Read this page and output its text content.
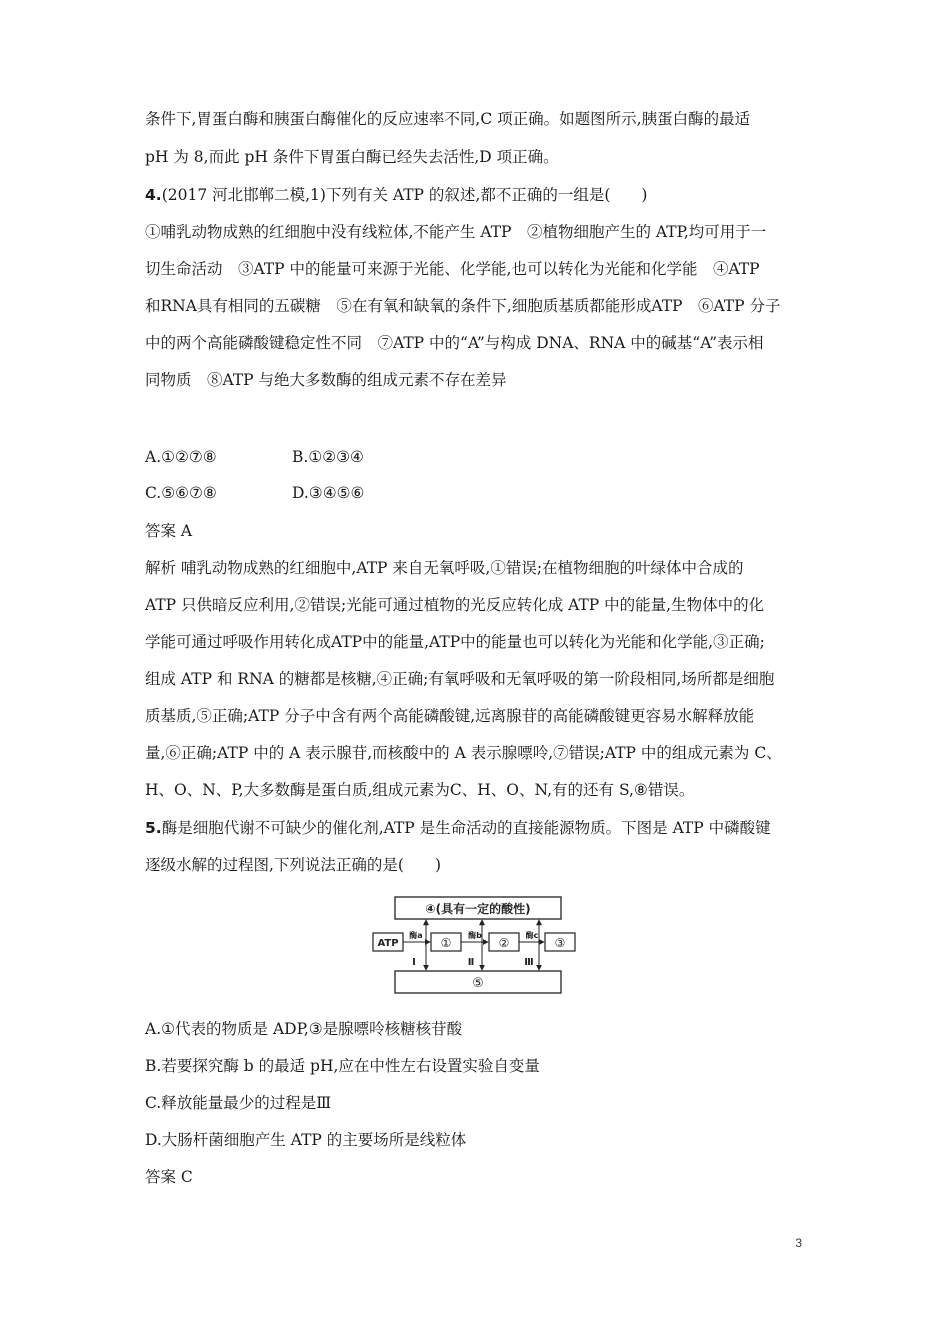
条件下,胃蛋白酶和胰蛋白酶催化的反应速率不同,C 项正确。如题图所示,胰蛋白酶的最适
pH 为 8,而此 pH 条件下胃蛋白酶已经失去活性,D 项正确。
4.(2017 河北邯郸二模,1)下列有关 ATP 的叙述,都不正确的一组是(　　)
①哺乳动物成熟的红细胞中没有线粒体,不能产生 ATP　②植物细胞产生的 ATP,均可用于一
切生命活动　③ATP 中的能量可来源于光能、化学能,也可以转化为光能和化学能　④ATP
和RNA具有相同的五碳糖　⑤在有氧和缺氧的条件下,细胞质基质都能形成ATP　⑥ATP 分子
中的两个高能磷酸键稳定性不同　⑦ATP 中的“A”与构成 DNA、RNA 中的碱基“A”表示相
同物质　⑧ATP 与绝大多数酶的组成元素不存在差异
A.①②⑦⑧	B.①②③④
C.⑤⑥⑦⑧	D.③④⑤⑥
答案 A
解析 哺乳动物成熟的红细胞中,ATP 来自无氧呼吸,①错误;在植物细胞的叶绿体中合成的
ATP 只供暗反应利用,②错误;光能可通过植物的光反应转化成 ATP 中的能量,生物体中的化
学能可通过呼吸作用转化成ATP中的能量,ATP中的能量也可以转化为光能和化学能,③正确;
组成 ATP 和 RNA 的糖都是核糖,④正确;有氧呼吸和无氧呼吸的第一阶段相同,场所都是细胞
质基质,⑤正确;ATP 分子中含有两个高能磷酸键,远离腺苷的高能磷酸键更容易水解释放能
量,⑥正确;ATP 中的 A 表示腺苷,而核酸中的 A 表示腺嘌呤,⑦错误;ATP 中的组成元素为 C、
H、O、N、P,大多数酶是蛋白质,组成元素为C、H、O、N,有的还有 S,⑧错误。
5.酶是细胞代谢不可缺少的催化剂,ATP 是生命活动的直接能源物质。下图是 ATP 中磷酸键
逐级水解的过程图,下列说法正确的是(　　)
④(具有一定的酸性)
⑤
ATP	①	②	③
酶a	酶b	酶c
Ⅰ	Ⅱ	Ⅲ
A.①代表的物质是 ADP,③是腺嘌呤核糖核苷酸
B.若要探究酶 b 的最适 pH,应在中性左右设置实验自变量
C.释放能量最少的过程是Ⅲ
D.大肠杆菌细胞产生 ATP 的主要场所是线粒体
答案 C
3
